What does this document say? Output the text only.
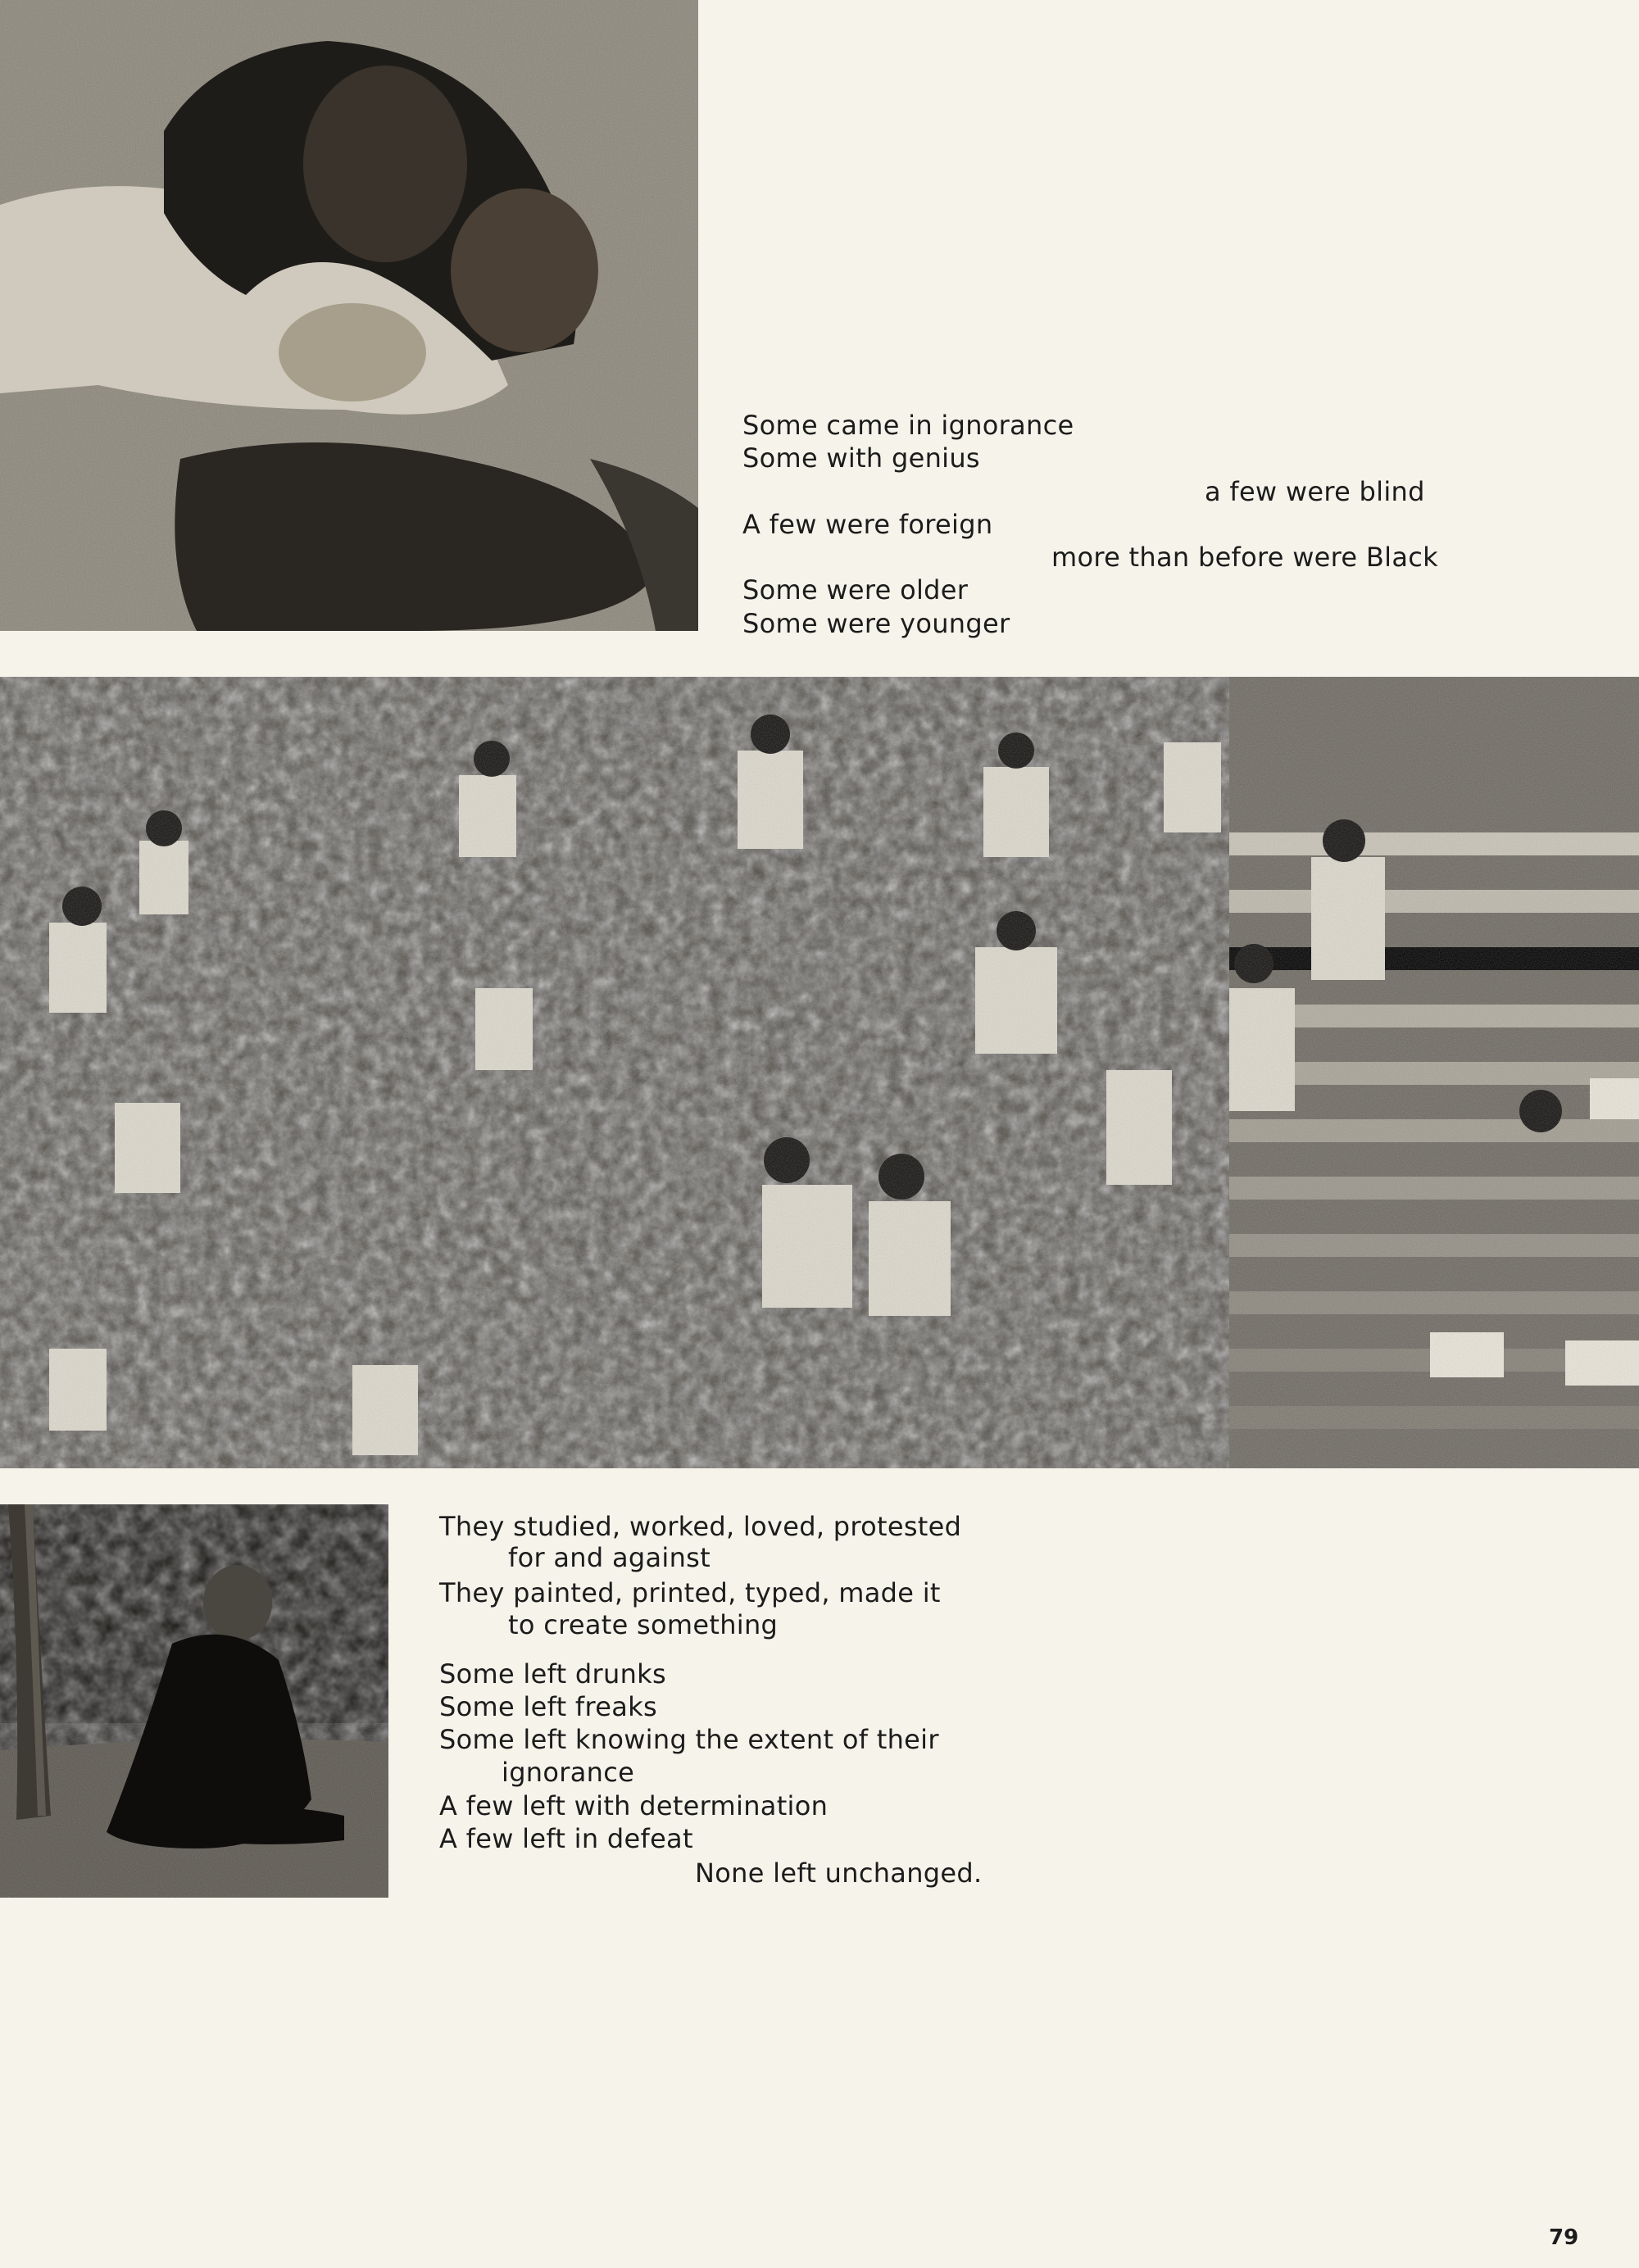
Some came in ignorance
Some with genius
a few were blind
A few were foreign
more than before were Black
Some were older
Some were younger
They studied, worked, loved, protested
for and against
They painted, printed, typed, made it
to create something
Some left drunks
Some left freaks
Some left knowing the extent of their
ignorance
A few left with determination
A few left in defeat
None left unchanged.
79
